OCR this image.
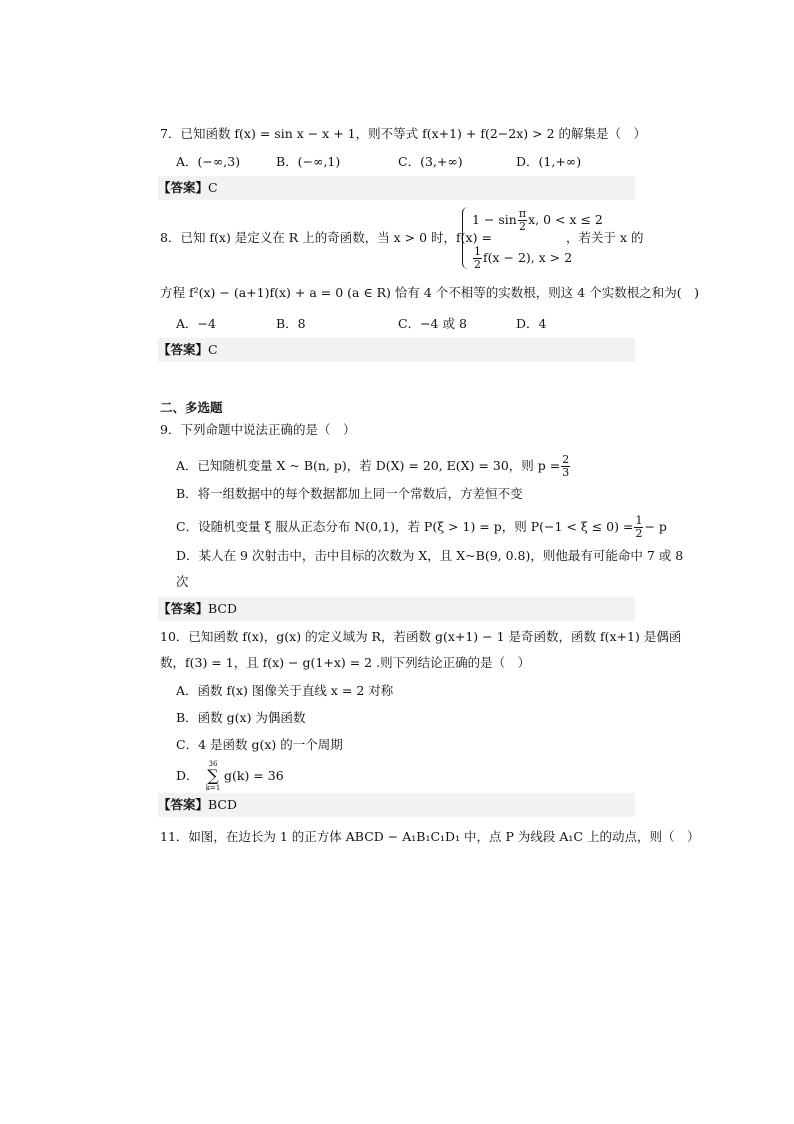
7．已知函数 f(x) = sin x − x + 1，则不等式 f(x+1) + f(2−2x) > 2 的解集是（　）
A．(−∞,3)	B．(−∞,1)	C．(3,+∞)	D．(1,+∞)
【答案】C
8．已知 f(x) 是定义在 R 上的奇函数，当 x > 0 时，f(x) =
$1 - \sin \frac{\pi}{2} x$, 0 < x ≤ 2
$\frac{1}{2} f(x - 2)$, x > 2
，若关于 x 的
方程 f²(x) − (a+1)f(x) + a = 0 (a ∈ R) 恰有 4 个不相等的实数根，则这 4 个实数根之和为(　)
A．−4	B．8	C．−4 或 8	D．4
【答案】C
二、多选题
9．下列命题中说法正确的是（　）
A．已知随机变量 X ~ B(n, p)，若 D(X) = 20, E(X) = 30，则 $p = \frac{2}{3}$
B．将一组数据中的每个数据都加上同一个常数后，方差恒不变
C．设随机变量 ξ 服从正态分布 N(0,1)，若 P(ξ > 1) = p，则 $P(-1 < \xi \le 0) = \frac{1}{2} - p$
D．某人在 9 次射击中，击中目标的次数为 X，且 X~B(9, 0.8)，则他最有可能命中 7 或 8
次
【答案】BCD
10．已知函数 f(x)，g(x) 的定义域为 R，若函数 g(x+1) − 1 是奇函数，函数 f(x+1) 是偶函
数，f(3) = 1，且 f(x) − g(1+x) = 2 .则下列结论正确的是（　）
A．函数 f(x) 图像关于直线 x = 2 对称
B．函数 g(x) 为偶函数
C．4 是函数 g(x) 的一个周期
D．
36
∑
k=1
g(k) = 36
【答案】BCD
11．如图，在边长为 1 的正方体 ABCD − A₁B₁C₁D₁ 中，点 P 为线段 A₁C 上的动点，则（　）
